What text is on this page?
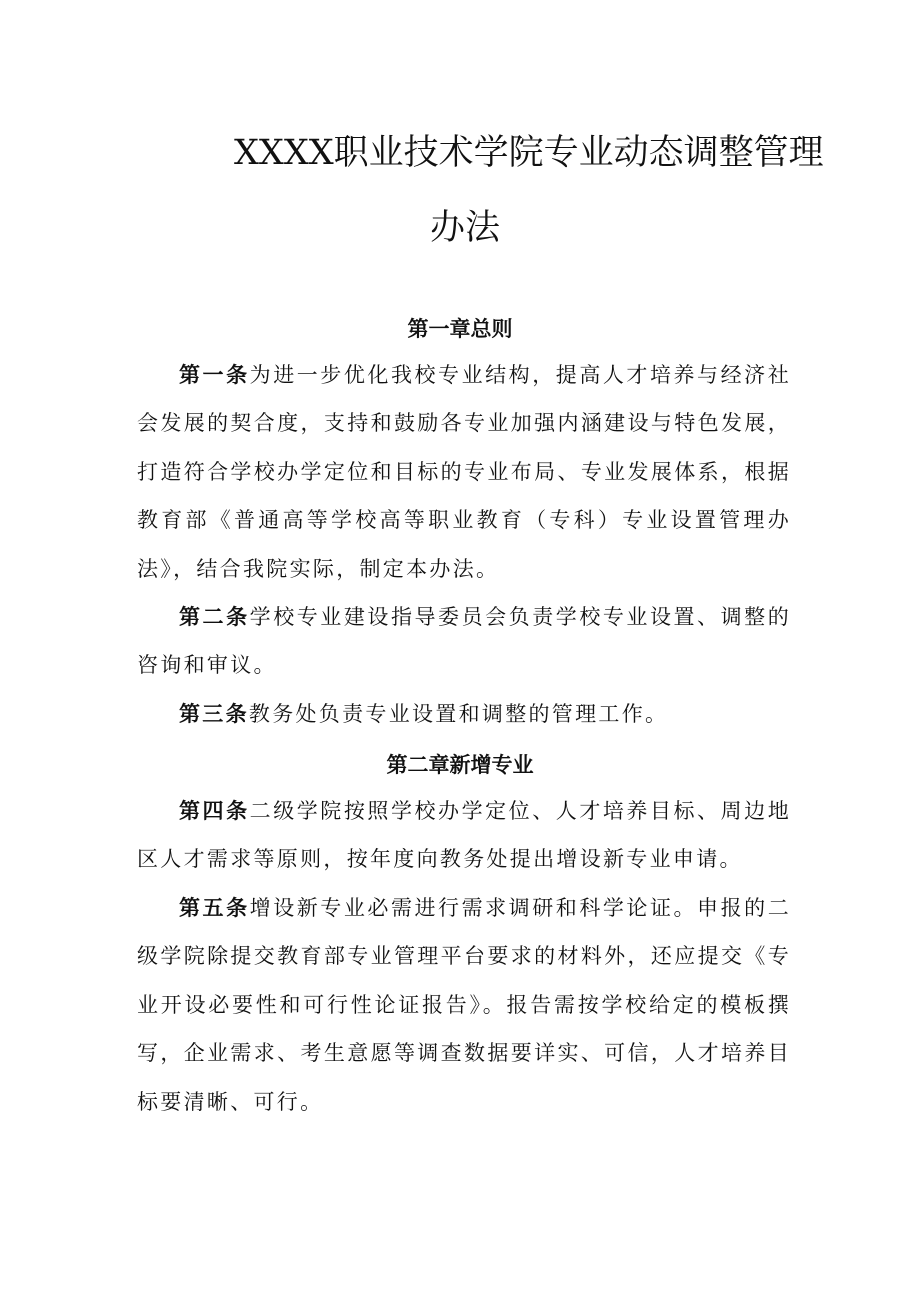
XXXX职业技术学院专业动态调整管理
办法
第一章总则

第一条为进一步优化我校专业结构，提高人才培养与经济社会发展的契合度，支持和鼓励各专业加强内涵建设与特色发展，打造符合学校办学定位和目标的专业布局、专业发展体系，根据教育部《普通高等学校高等职业教育（专科）专业设置管理办法》，结合我院实际，制定本办法。

第二条学校专业建设指导委员会负责学校专业设置、调整的咨询和审议。

第三条教务处负责专业设置和调整的管理工作。

第二章新增专业

第四条二级学院按照学校办学定位、人才培养目标、周边地区人才需求等原则，按年度向教务处提出增设新专业申请。

第五条增设新专业必需进行需求调研和科学论证。申报的二级学院除提交教育部专业管理平台要求的材料外，还应提交《专业开设必要性和可行性论证报告》。报告需按学校给定的模板撰写，企业需求、考生意愿等调查数据要详实、可信，人才培养目标要清晰、可行。
